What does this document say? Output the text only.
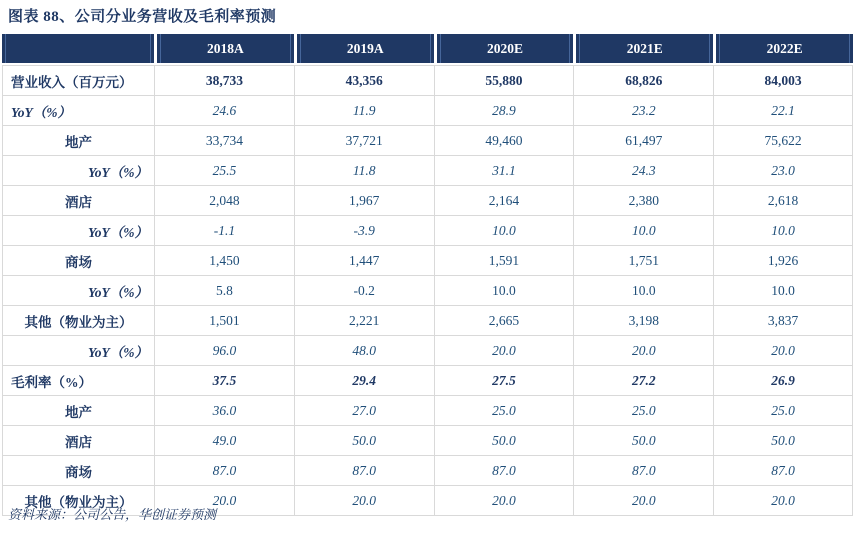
图表 88、公司分业务营收及毛利率预测
	2018A	2019A	2020E	2021E	2022E
营业收入（百万元）	38,733	43,356	55,880	68,826	84,003
YoY（%）	24.6	11.9	28.9	23.2	22.1
地产	33,734	37,721	49,460	61,497	75,622
YoY（%）	25.5	11.8	31.1	24.3	23.0
酒店	2,048	1,967	2,164	2,380	2,618
YoY（%）	-1.1	-3.9	10.0	10.0	10.0
商场	1,450	1,447	1,591	1,751	1,926
YoY（%）	5.8	-0.2	10.0	10.0	10.0
其他（物业为主）	1,501	2,221	2,665	3,198	3,837
YoY（%）	96.0	48.0	20.0	20.0	20.0
毛利率（%）	37.5	29.4	27.5	27.2	26.9
地产	36.0	27.0	25.0	25.0	25.0
酒店	49.0	50.0	50.0	50.0	50.0
商场	87.0	87.0	87.0	87.0	87.0
其他（物业为主）	20.0	20.0	20.0	20.0	20.0
资料来源：公司公告，华创证券预测
